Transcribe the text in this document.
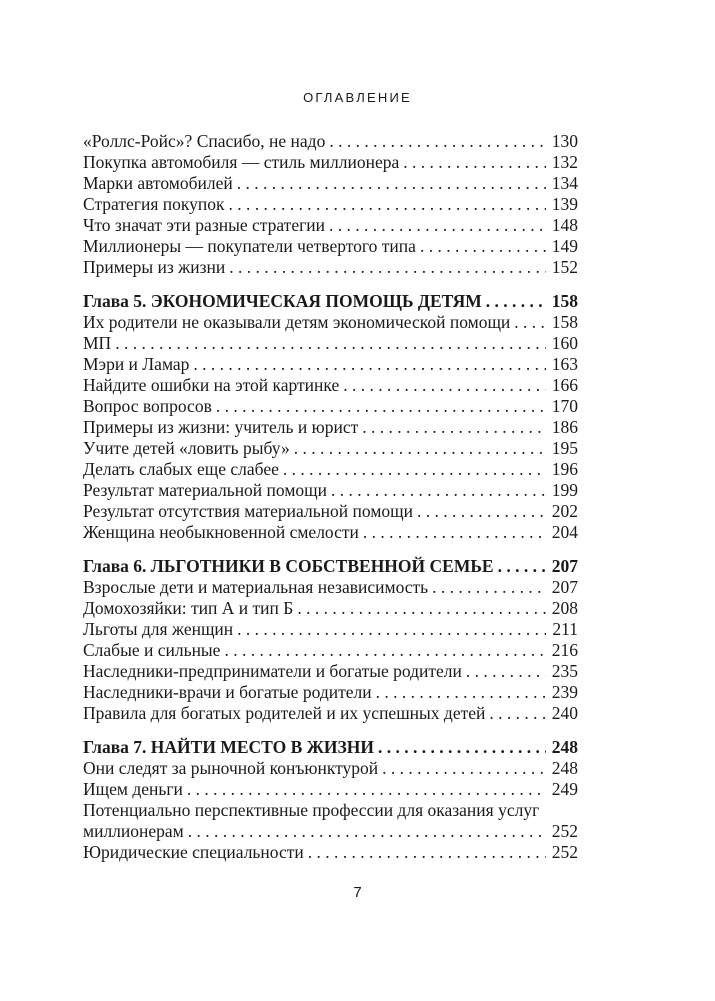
ОГЛАВЛЕНИЕ
«Роллс-Ройс»? Спасибо, не надо . . .	130
Покупка автомобиля — стиль миллионера . . .	132
Марки автомобилей . . .	134
Стратегия покупок . . .	139
Что значат эти разные стратегии . . .	148
Миллионеры — покупатели четвертого типа . . .	149
Примеры из жизни . . .	152
Глава 5. ЭКОНОМИЧЕСКАЯ ПОМОЩЬ ДЕТЯМ . . .	158
Их родители не оказывали детям экономической помощи . . .	158
МП . . .	160
Мэри и Ламар . . .	163
Найдите ошибки на этой картинке . . .	166
Вопрос вопросов . . .	170
Примеры из жизни: учитель и юрист . . .	186
Учите детей «ловить рыбу» . . .	195
Делать слабых еще слабее . . .	196
Результат материальной помощи . . .	199
Результат отсутствия материальной помощи . . .	202
Женщина необыкновенной смелости . . .	204
Глава 6. ЛЬГОТНИКИ В СОБСТВЕННОЙ СЕМЬЕ . . .	207
Взрослые дети и материальная независимость . . .	207
Домохозяйки: тип А и тип Б . . .	208
Льготы для женщин . . .	211
Слабые и сильные . . .	216
Наследники-предприниматели и богатые родители . . .	235
Наследники-врачи и богатые родители . . .	239
Правила для богатых родителей и их успешных детей . . .	240
Глава 7. НАЙТИ МЕСТО В ЖИЗНИ . . .	248
Они следят за рыночной конъюнктурой . . .	248
Ищем деньги . . .	249
Потенциально перспективные профессии для оказания услуг
миллионерам . . .	252
Юридические специальности . . .	252
7
